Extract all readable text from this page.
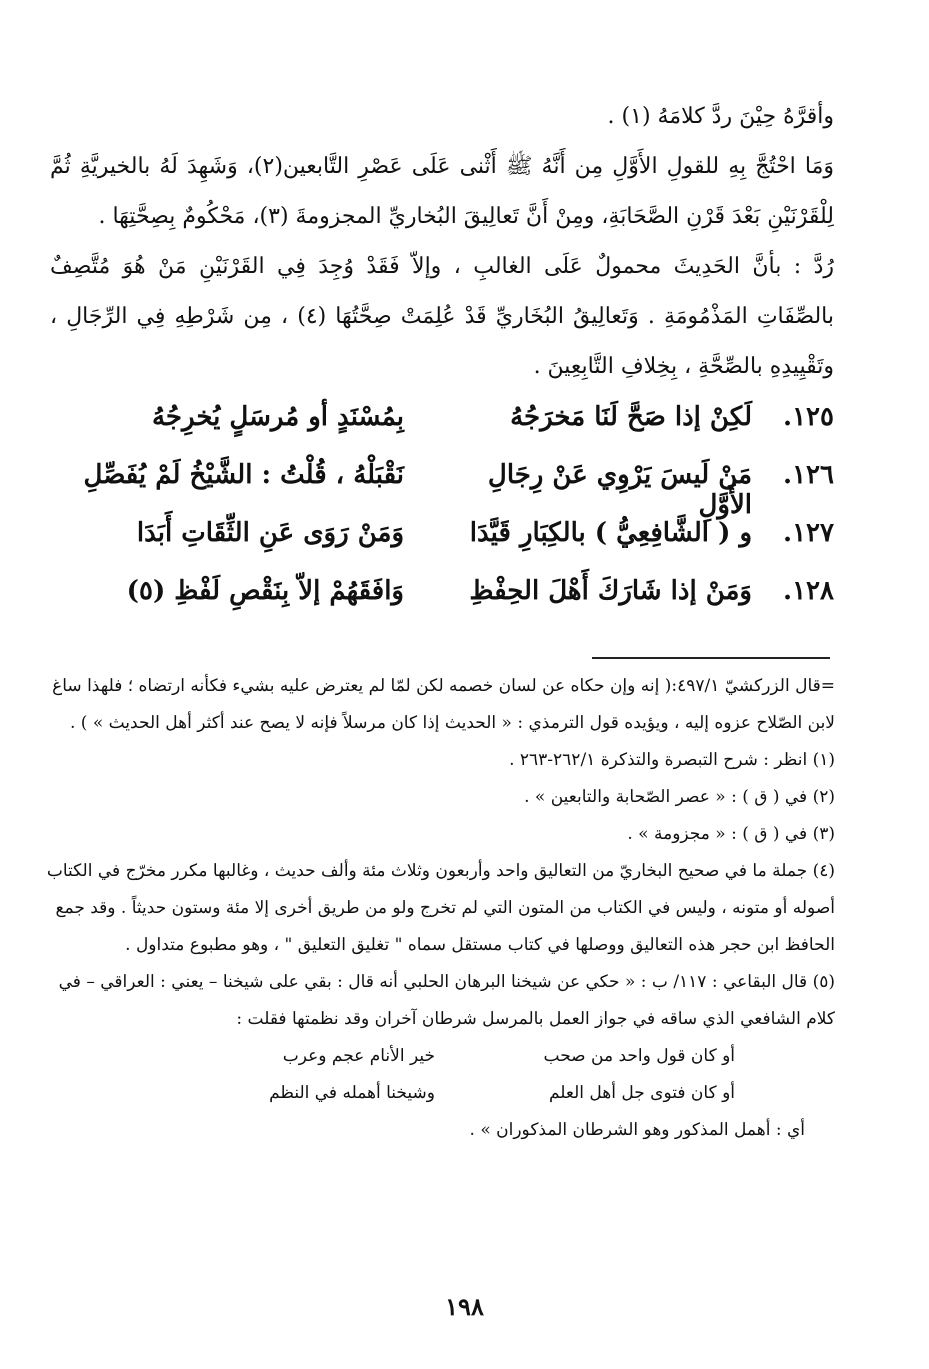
وأقرَّهُ حِيْنَ ردَّ كلامَهُ (١) .

وَمَا احْتُجَّ بِهِ للقولِ الأَوَّلِ مِن أَنَّهُ ﷺ أَثْنى عَلَى عَصْرِ التَّابعين(٢)، وَشَهِدَ لَهُ بالخيريَّةِ ثُمَّ لِلْقَرْنَيْنِ بَعْدَ قَرْنِ الصَّحَابَةِ، ومِنْ أَنَّ تَعالِيقَ البُخاريِّ المجزومةَ (٣)، مَحْكُومٌ بِصِحَّتِهَا .

رُدَّ : بأنَّ الحَدِيثَ محمولٌ عَلَى الغالبِ ، وإلاّ فَقَدْ وُجِدَ فِي القَرْنَيْنِ مَنْ هُوَ مُتَّصِفٌ بالصِّفَاتِ المَذْمُومَةِ . وَتَعالِيقُ البُخَاريِّ قَدْ عُلِمَتْ صِحَّتُهَا (٤) ، مِن شَرْطِهِ فِي الرِّجَالِ ، وتَقْيِيدِهِ بالصِّحَّةِ ، بِخِلافِ التَّابِعِينَ .

١٢٥.
لَكِنْ إذا صَحَّ لَنَا مَخرَجُهُ
بِمُسْنَدٍ أو مُرسَلٍ يُخرِجُهُ
١٢٦.
مَنْ لَيسَ يَرْوِي عَنْ رِجَالِ الأَوَّلِ
نَقْبَلْهُ ، قُلْتُ : الشَّيْخُ لَمْ يُفَصِّلِ
١٢٧.
و ( الشَّافِعِيُّ ) بالكِبَارِ قَيَّدَا
وَمَنْ رَوَى عَنِ الثِّقَاتِ أَبَدَا
١٢٨.
وَمَنْ إذا شَارَكَ أَهْلَ الحِفْظِ
وَافَقَهُمْ إلاّ بِنَقْصِ لَفْظِ (٥)

=قال الزركشيّ ٤٩٧/١:( إنه وإن حكاه عن لسان خصمه لكن لمّا لم يعترض عليه بشيء فكأنه ارتضاه ؛ فلهذا ساغ لابن الصّلاح عزوه إليه ، ويؤيده قول الترمذي : « الحديث إذا كان مرسلاً فإنه لا يصح عند أكثر أهل الحديث » ) .

(١) انظر : شرح التبصرة والتذكرة ٢٦٢/١-٢٦٣ .

(٢) في ( ق ) : « عصر الصّحابة والتابعين » .

(٣) في ( ق ) : « مجزومة » .

(٤) جملة ما في صحيح البخاريّ من التعاليق واحد وأربعون وثلاث مئة وألف حديث ، وغالبها مكرر مخرّج في الكتاب أصوله أو متونه ، وليس في الكتاب من المتون التي لم تخرج ولو من طريق أخرى إلا مئة وستون حديثاً . وقد جمع الحافظ ابن حجر هذه التعاليق ووصلها في كتاب مستقل سماه " تغليق التعليق " ، وهو مطبوع متداول .

(٥) قال البقاعي : ١١٧/ ب : « حكي عن شيخنا البرهان الحلبي أنه قال : بقي على شيخنا – يعني : العراقي – في كلام الشافعي الذي ساقه في جواز العمل بالمرسل شرطان آخران وقد نظمتها فقلت :

أو كان قول واحد من صحب
أو كان فتوى جل أهل العلم
خير الأنام عجم وعرب
وشيخنا أهمله في النظم

أي : أهمل المذكور وهو الشرطان المذكوران » .

١٩٨
